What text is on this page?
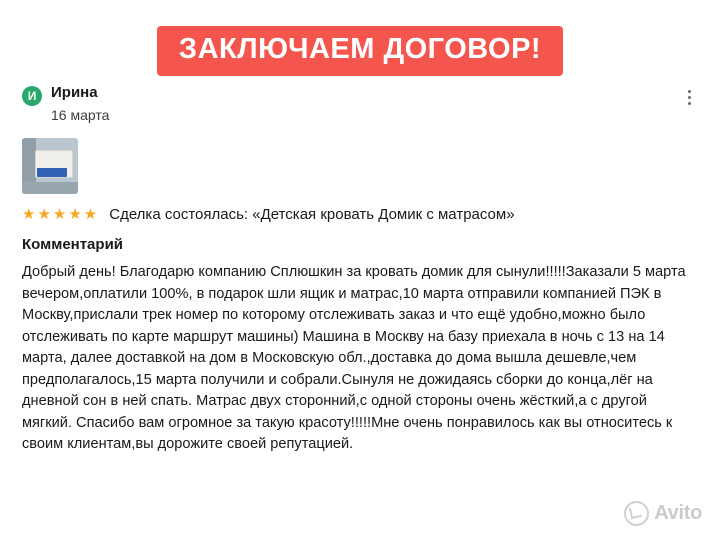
ЗАКЛЮЧАЕМ ДОГОВОР!
И Ирина
16 марта
★★★★★ Сделка состоялась: «Детская кровать Домик с матрасом»
Комментарий
Добрый день! Благодарю компанию Сплюшкин за кровать домик для сынули!!!!!Заказали 5 марта вечером,оплатили 100%, в подарок шли ящик и матрас,10 марта отправили компанией ПЭК в Москву,прислали трек номер по которому отслеживать заказ и что ещё удобно,можно было отслеживать по карте маршрут машины) Машина в Москву на базу приехала в ночь с 13 на 14 марта, далее доставкой на дом в Московскую обл.,доставка до дома вышла дешевле,чем предполагалось,15 марта получили и собрали.Сынуля не дожидаясь сборки до конца,лёг на дневной сон в ней спать. Матрас двух сторонний,с одной стороны очень жёсткий,а с другой мягкий. Спасибо вам огромное за такую красоту!!!!!Мне очень понравилось как вы относитесь к своим клиентам,вы дорожите своей репутацией.
Avito
